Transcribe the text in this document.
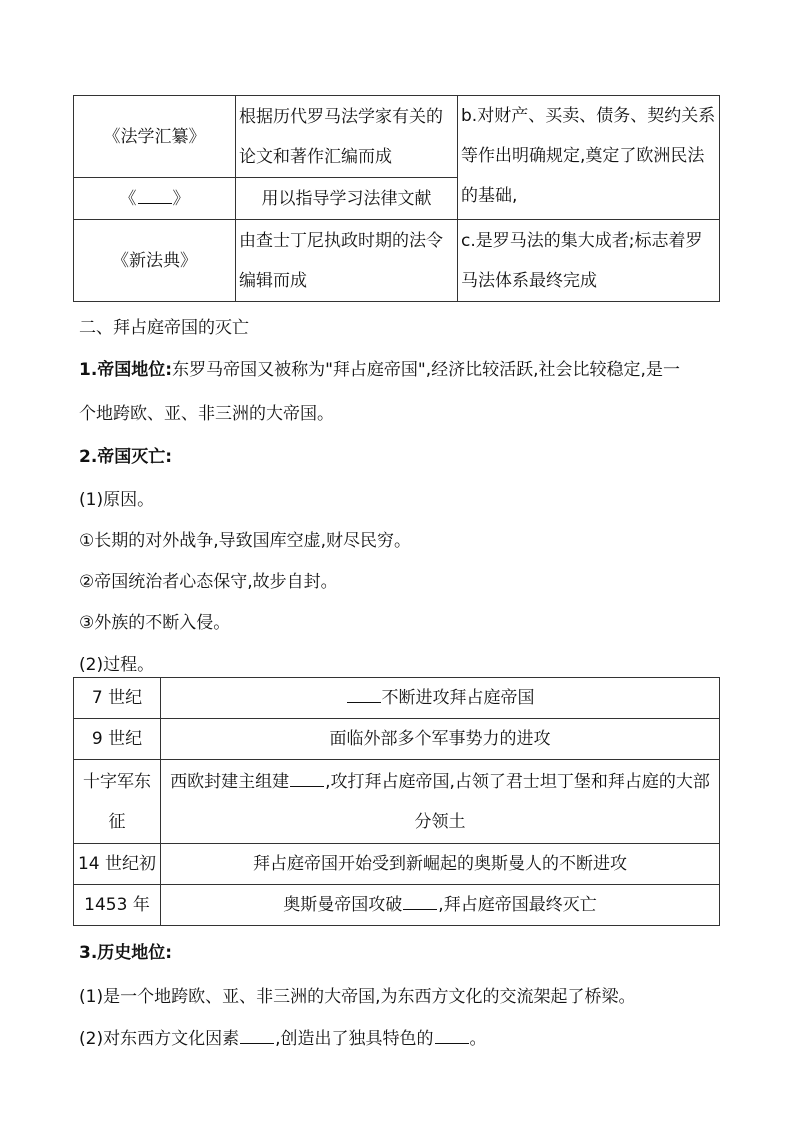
《法学汇纂》	根据历代罗马法学家有关的论文和著作汇编而成	b.对财产、买卖、债务、契约关系等作出明确规定,奠定了欧洲民法的基础,
《 》	用以指导学习法律文献	
《新法典》	由查士丁尼执政时期的法令编辑而成	c.是罗马法的集大成者;标志着罗马法体系最终完成
二、拜占庭帝国的灭亡
1.帝国地位:东罗马帝国又被称为"拜占庭帝国",经济比较活跃,社会比较稳定,是一
个地跨欧、亚、非三洲的大帝国。
2.帝国灭亡:
(1)原因。
①长期的对外战争,导致国库空虚,财尽民穷。
②帝国统治者心态保守,故步自封。
③外族的不断入侵。
(2)过程。
7 世纪	不断进攻拜占庭帝国
9 世纪	面临外部多个军事势力的进攻
十字军东征	西欧封建主组建 ,攻打拜占庭帝国,占领了君士坦丁堡和拜占庭的大部分领土
14 世纪初	拜占庭帝国开始受到新崛起的奥斯曼人的不断进攻
1453 年	奥斯曼帝国攻破 ,拜占庭帝国最终灭亡
3.历史地位:
(1)是一个地跨欧、亚、非三洲的大帝国,为东西方文化的交流架起了桥梁。
(2)对东西方文化因素 ,创造出了独具特色的 。
